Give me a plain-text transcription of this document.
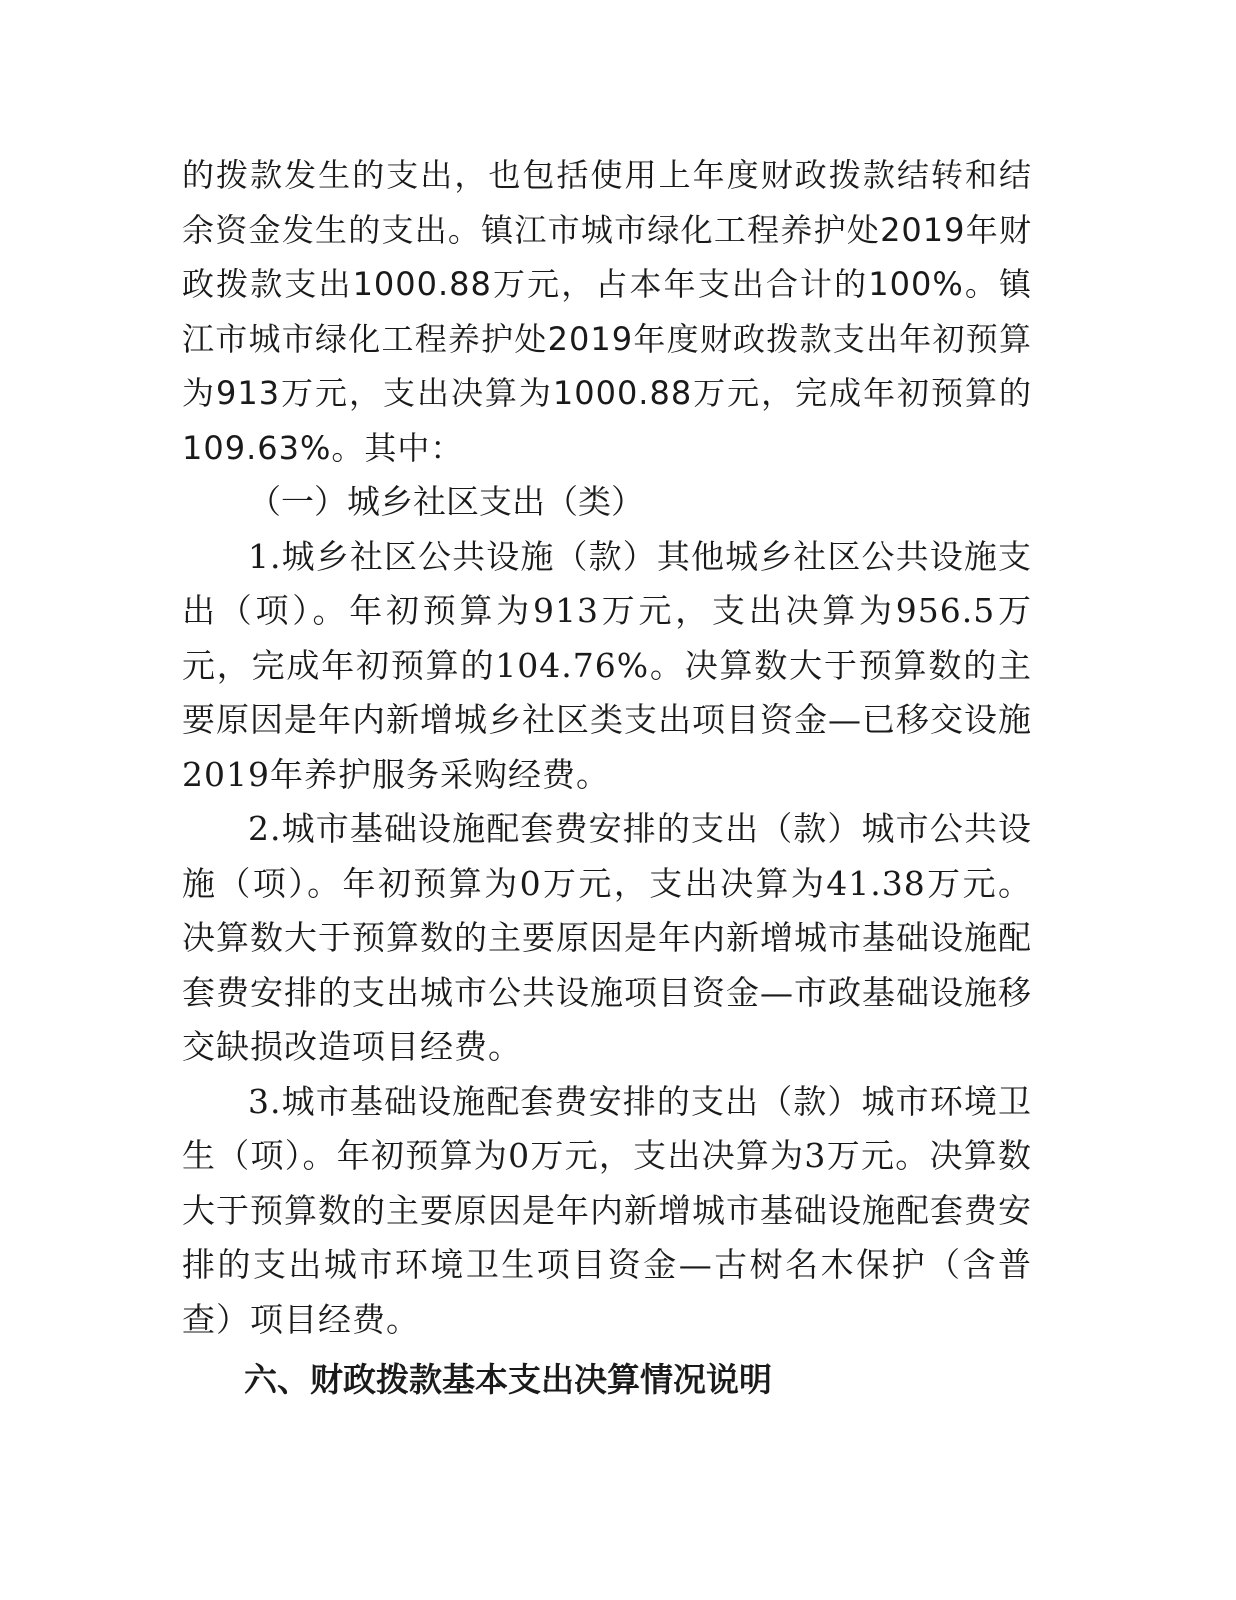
的拨款发生的支出，也包括使用上年度财政拨款结转和结余资金发生的支出。镇江市城市绿化工程养护处2019年财政拨款支出1000.88万元，占本年支出合计的100%。镇江市城市绿化工程养护处2019年度财政拨款支出年初预算为913万元，支出决算为1000.88万元，完成年初预算的109.63%。其中：

（一）城乡社区支出（类）

1.城乡社区公共设施（款）其他城乡社区公共设施支出（项）。年初预算为913万元，支出决算为956.5万元，完成年初预算的104.76%。决算数大于预算数的主要原因是年内新增城乡社区类支出项目资金—已移交设施2019年养护服务采购经费。

2.城市基础设施配套费安排的支出（款）城市公共设施（项）。年初预算为0万元，支出决算为41.38万元。决算数大于预算数的主要原因是年内新增城市基础设施配套费安排的支出城市公共设施项目资金—市政基础设施移交缺损改造项目经费。

3.城市基础设施配套费安排的支出（款）城市环境卫生（项）。年初预算为0万元，支出决算为3万元。决算数大于预算数的主要原因是年内新增城市基础设施配套费安排的支出城市环境卫生项目资金—古树名木保护（含普查）项目经费。

六、财政拨款基本支出决算情况说明
